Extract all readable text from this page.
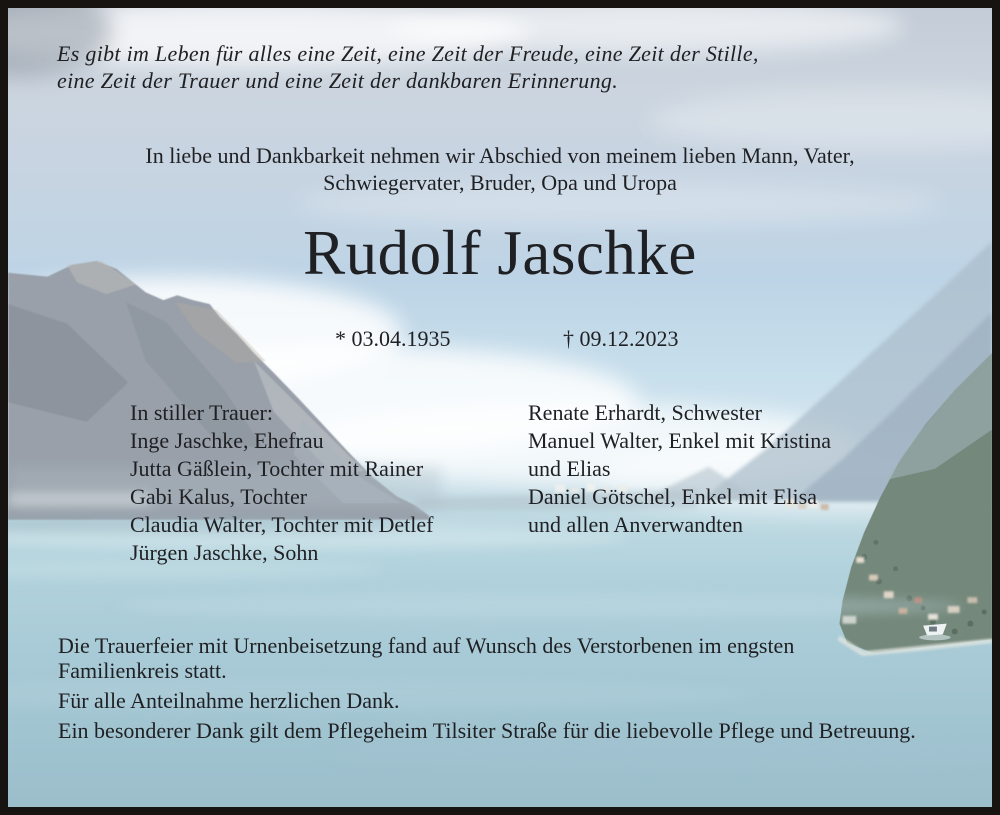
Es gibt im Leben für alles eine Zeit, eine Zeit der Freude, eine Zeit der Stille,
eine Zeit der Trauer und eine Zeit der dankbaren Erinnerung.
In liebe und Dankbarkeit nehmen wir Abschied von meinem lieben Mann, Vater,
Schwiegervater, Bruder, Opa und Uropa
Rudolf Jaschke
* 03.04.1935	† 09.12.2023
In stiller Trauer:
Inge Jaschke, Ehefrau
Jutta Gäßlein, Tochter mit Rainer
Gabi Kalus, Tochter
Claudia Walter, Tochter mit Detlef
Jürgen Jaschke, Sohn
Renate Erhardt, Schwester
Manuel Walter, Enkel mit Kristina
und Elias
Daniel Götschel, Enkel mit Elisa
und allen Anverwandten

Die Trauerfeier mit Urnenbeisetzung fand auf Wunsch des Verstorbenen im engsten Familienkreis statt.

Für alle Anteilnahme herzlichen Dank.

Ein besonderer Dank gilt dem Pflegeheim Tilsiter Straße für die liebevolle Pflege und Betreuung.
